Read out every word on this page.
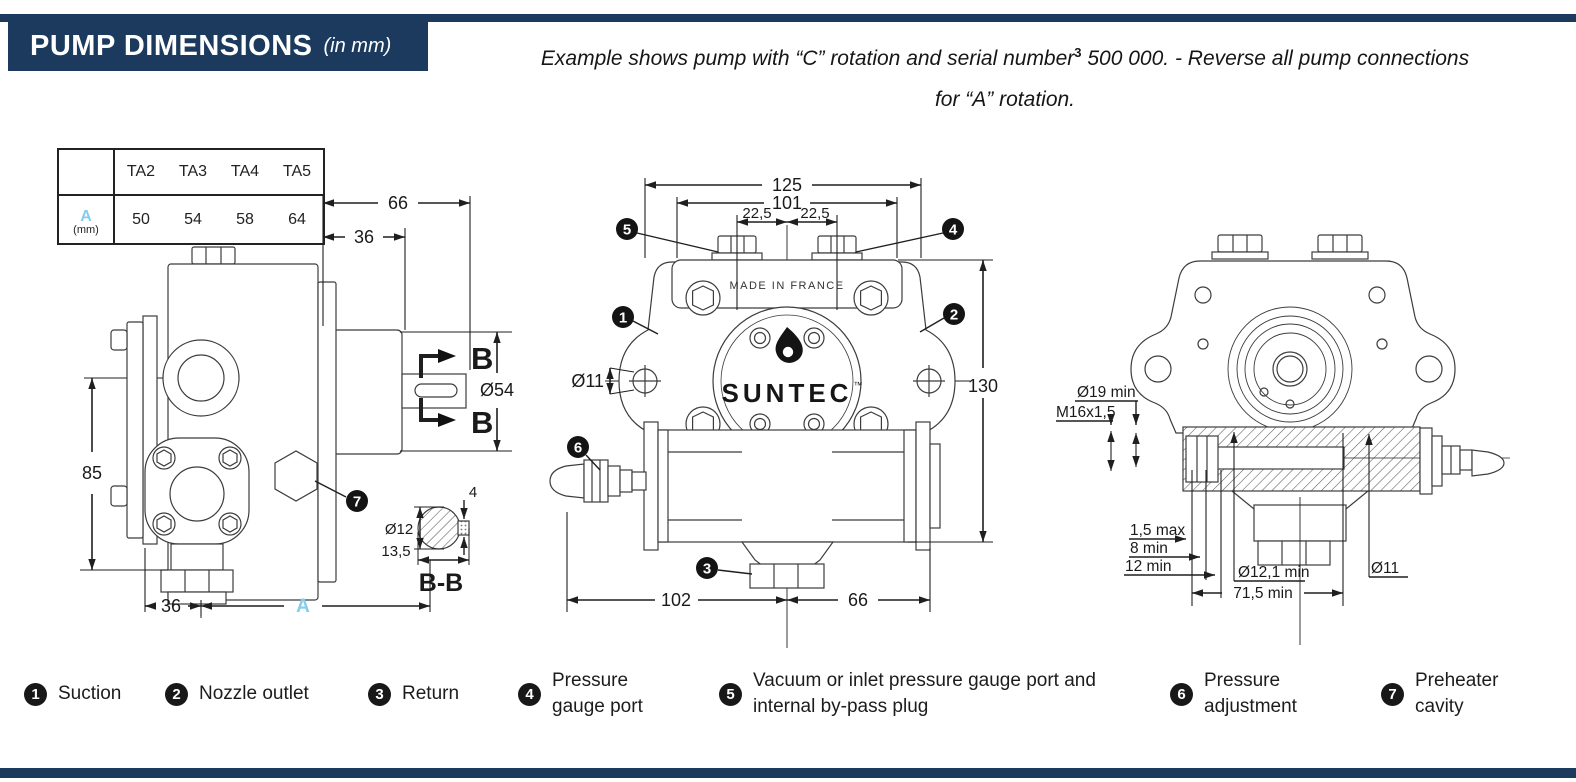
PUMP DIMENSIONS (in mm)
Example shows pump with “C” rotation and serial number$^3$ 500 000. - Reverse all pump connections
for “A” rotation.
	TA2	TA3	TA4	TA5

A
(mm)	50	54	58	64
66
36
85
Ø54
B
B
36	A
Ø12
13,5
4
B-B
7
125
101
22,5 22,5
Ø11	130
MADE IN FRANCE
SUNTEC ™
102	66
5	4
1	2
6
3
Ø19 min
M16x1,5
1,5 max
8 min
12 min	Ø12,1 min	Ø11
71,5 min
1 Suction	2 Nozzle outlet	3 Return	4
Pressure gauge port
5
Vacuum or inlet pressure gauge port and internal by-pass plug
6
Pressure adjustment
7
Preheater cavity
